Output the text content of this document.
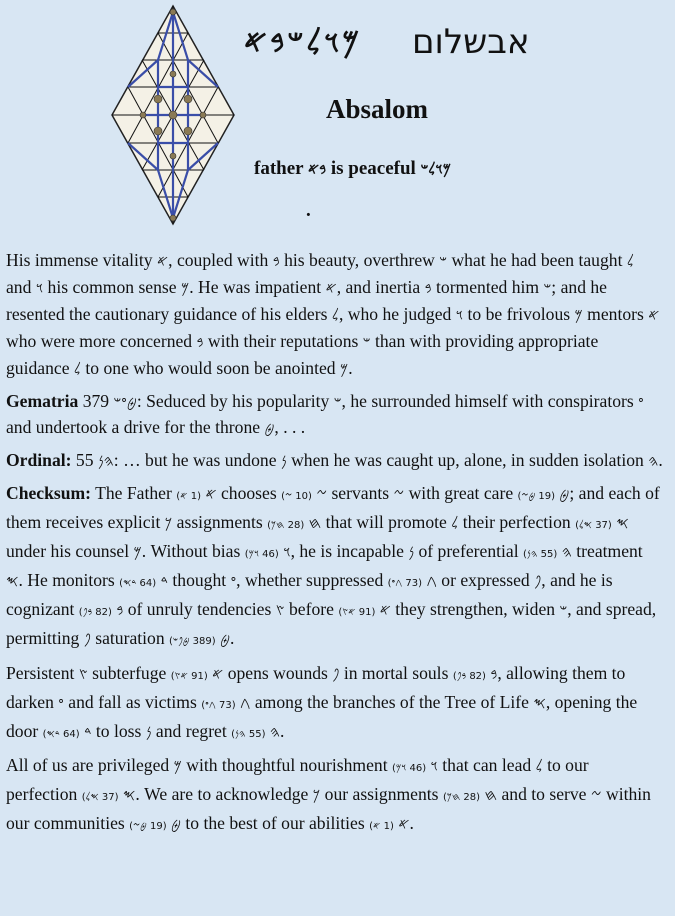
𐤌𐤅𐤋𐤔𐤁𐤀 אבשלום
Absalom
father 𐤁𐤀 is peaceful 𐤌𐤅𐤋𐤔
.

His immense vitality 𐤀, coupled with 𐤁 his beauty, overthrew 𐤔 what he had been taught 𐤋 and 𐤅 his common sense 𐤌. He was impatient 𐤀, and inertia 𐤁 tormented him 𐤔; and he resented the cautionary guidance of his elders 𐤋, who he judged 𐤅 to be frivolous 𐤌 mentors 𐤀 who were more concerned 𐤁 with their reputations 𐤔 than with providing appropriate guidance 𐤋 to one who would soon be anointed 𐤌.

Gematria 379 𐤈𐤏𐤔: Seduced by his popularity 𐤔, he surrounded himself with conspirators 𐤏 and undertook a drive for the throne 𐤈, . . .

Ordinal: 55 𐤄𐤍: … but he was undone 𐤍 when he was caught up, alone, in sudden isolation 𐤄.

Checksum: The Father 𐤀 (1 𐤀) chooses 𐤆 (10 𐤆) servants 𐤆 with great care	𐤈 (19 𐤈𐤆) ; and each of them receives explicit 𐤊 assignments	𐤇 (28 𐤇𐤊) that will promote 𐤋 their perfection	𐤎 (37 𐤎𐤋) under his counsel 𐤌. Without bias	𐤅 (46 𐤅𐤌) , he is incapable 𐤍 of preferential	𐤄 (55 𐤄𐤍) treatment 𐤎. He monitors	𐤃 (64 𐤃𐤎) thought 𐤏, whether suppressed	𐤂 (73 𐤂𐤏) or expressed 𐤐, and he is cognizant	𐤁 (82 𐤁𐤐) of unruly tendencies 𐤑 before	𐤀 (91 𐤀𐤑) they strengthen, widen 𐤔, and spread, permitting 𐤐 saturation	𐤈 (389 𐤈𐤐𐤔) .

Persistent 𐤑 subterfuge	𐤀 (91 𐤀𐤑) opens wounds 𐤐 in mortal souls	𐤁 (82 𐤁𐤐) , allowing them to darken 𐤏 and fall as victims	𐤂 (73 𐤂𐤏) among the branches of the Tree of Life 𐤎, opening the door	𐤃 (64 𐤃𐤎) to loss 𐤍 and regret	𐤄 (55 𐤄𐤍) .

All of us are privileged 𐤌 with thoughtful nourishment	𐤅 (46 𐤅𐤌) that can lead 𐤋 to our perfection	𐤎 (37 𐤎𐤋) . We are to acknowledge 𐤊 our assignments	𐤇 (28 𐤇𐤊) and to serve 𐤆 within our communities	𐤈 (19 𐤈𐤆) to the best of our abilities 𐤀 (1 𐤀) .
